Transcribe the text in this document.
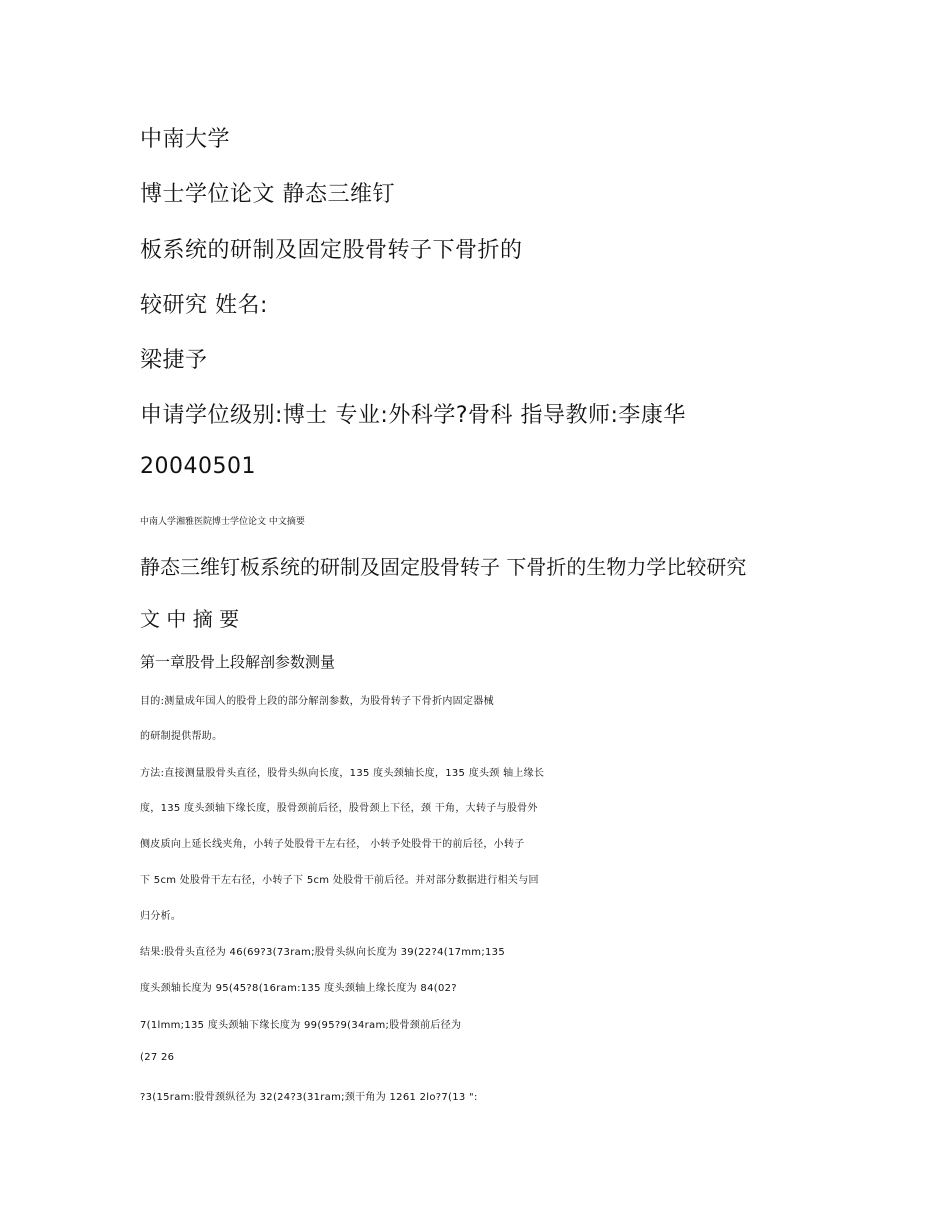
中南大学

博士学位论文 静态三维钉

板系统的研制及固定股骨转子下骨折的

较研究 姓名:

梁捷予

申请学位级别:博士 专业:外科学?骨科 指导教师:李康华

20040501

中南人学湘雅医院博士学位论文 中文摘要

静态三维钉板系统的研制及固定股骨转子 下骨折的生物力学比较研究

文 中 摘 要

第一章股骨上段解剖参数测量

目的:测量成年国人的股骨上段的部分解剖参数，为股骨转子下骨折内固定器械

的研制提供帮助。

方法:直接测量股骨头直径，股骨头纵向长度，135 度头颈轴长度，135 度头颈 轴上缘长

度，135 度头颈轴下缘长度，股骨颈前后径，股骨颈上下径，颈 干角，大转子与股骨外

侧皮质向上延长线夹角，小转子处股骨干左右径， 小转予处股骨干的前后径，小转子

下 5cm 处股骨干左右径，小转子下 5cm 处股骨干前后径。并对部分数据进行相关与回

归分析。

结果:股骨头直径为 46(69?3(73ram;股骨头纵向长度为 39(22?4(17mm;135

度头颈轴长度为 95(45?8(16ram:135 度头颈轴上缘长度为 84(02?

7(1lmm;135 度头颈轴下缘长度为 99(95?9(34ram;股骨颈前后径为

(27 26

?3(15ram:股骨颈纵径为 32(24?3(31ram;颈干角为 1261 2lo?7(13 ":
